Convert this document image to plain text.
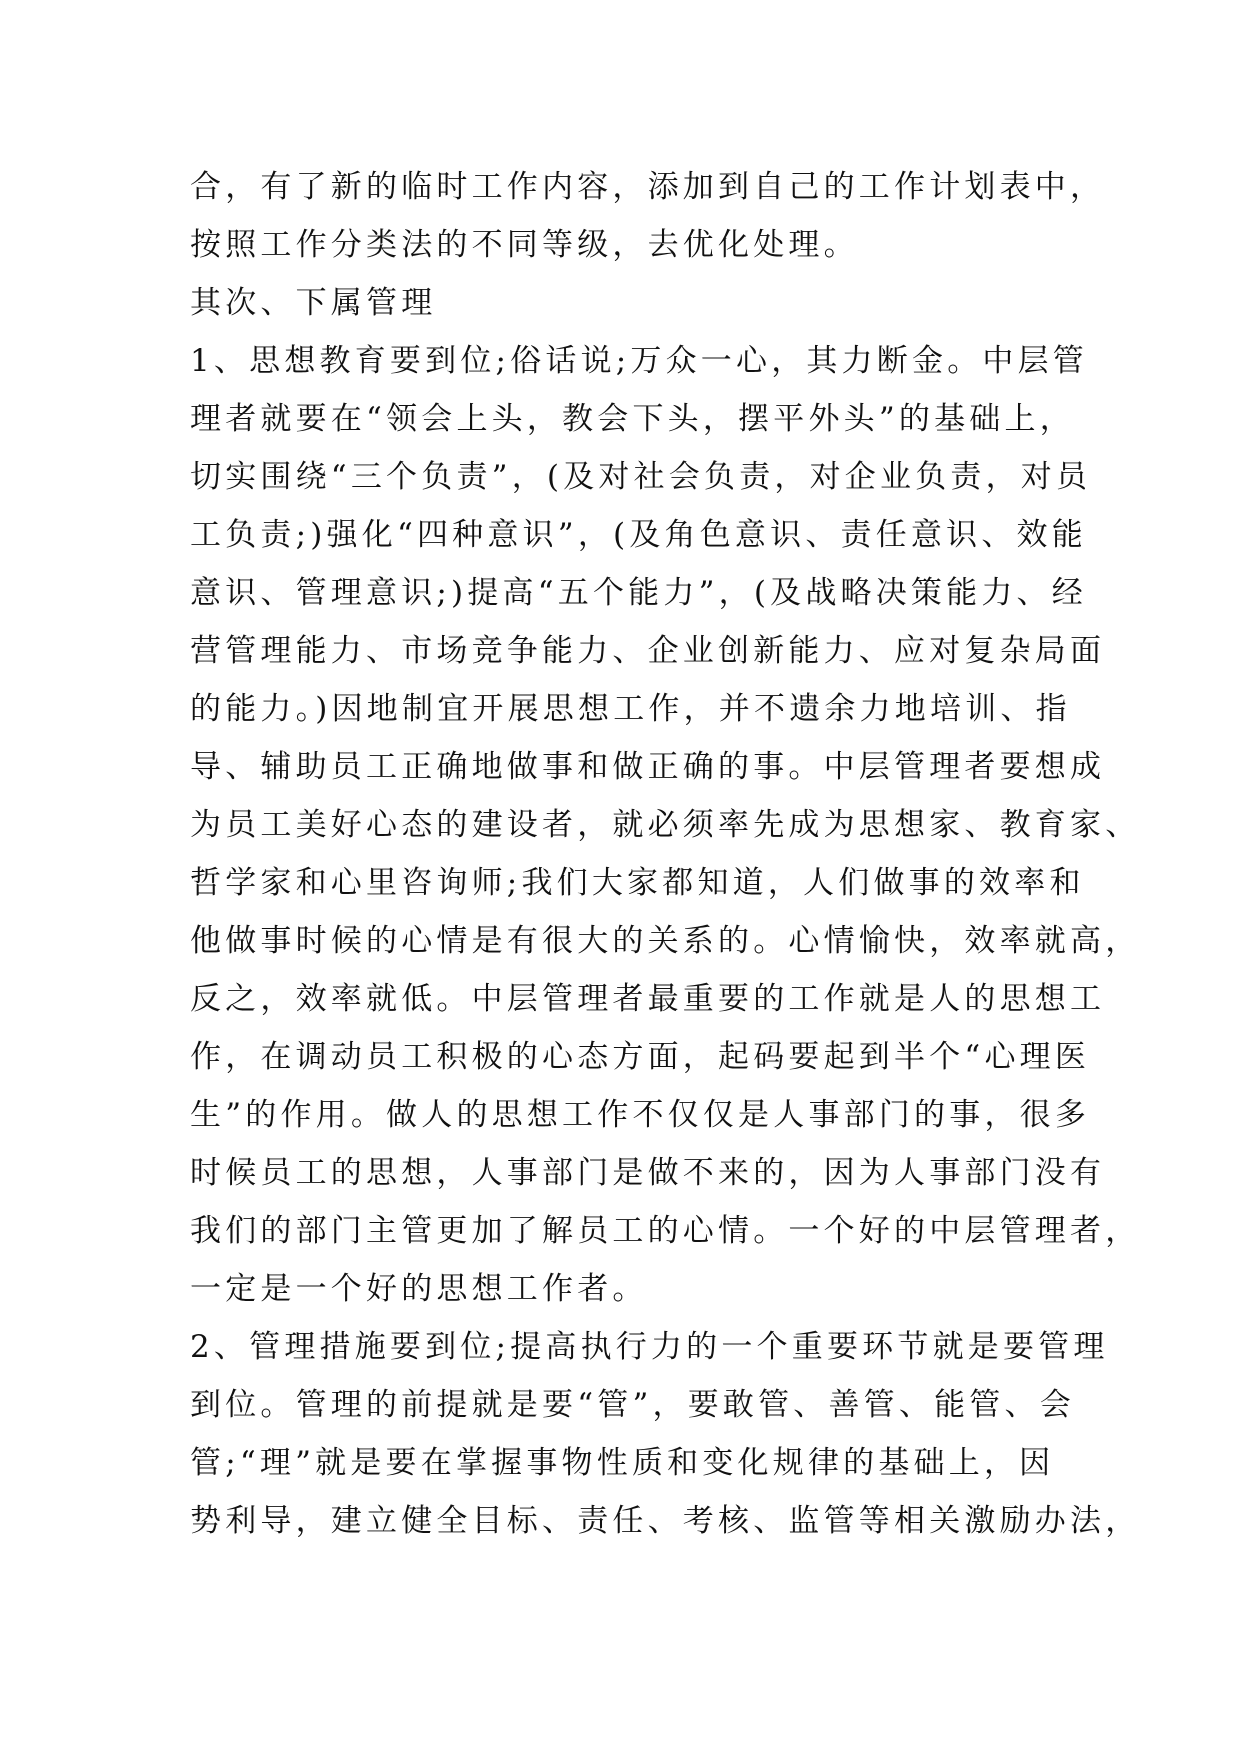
合，有了新的临时工作内容，添加到自己的工作计划表中，
按照工作分类法的不同等级，去优化处理。
其次、下属管理
1、思想教育要到位;俗话说;万众一心，其力断金。中层管
理者就要在“领会上头，教会下头，摆平外头”的基础上，
切实围绕“三个负责”，(及对社会负责，对企业负责，对员
工负责;)强化“四种意识”，(及角色意识、责任意识、效能
意识、管理意识;)提高“五个能力”，(及战略决策能力、经
营管理能力、市场竞争能力、企业创新能力、应对复杂局面
的能力。)因地制宜开展思想工作，并不遗余力地培训、指
导、辅助员工正确地做事和做正确的事。中层管理者要想成
为员工美好心态的建设者，就必须率先成为思想家、教育家、
哲学家和心里咨询师;我们大家都知道，人们做事的效率和
他做事时候的心情是有很大的关系的。心情愉快，效率就高，
反之，效率就低。中层管理者最重要的工作就是人的思想工
作，在调动员工积极的心态方面，起码要起到半个“心理医
生”的作用。做人的思想工作不仅仅是人事部门的事，很多
时候员工的思想，人事部门是做不来的，因为人事部门没有
我们的部门主管更加了解员工的心情。一个好的中层管理者，
一定是一个好的思想工作者。
2、管理措施要到位;提高执行力的一个重要环节就是要管理
到位。管理的前提就是要“管”，要敢管、善管、能管、会
管;“理”就是要在掌握事物性质和变化规律的基础上，因
势利导，建立健全目标、责任、考核、监管等相关激励办法，
